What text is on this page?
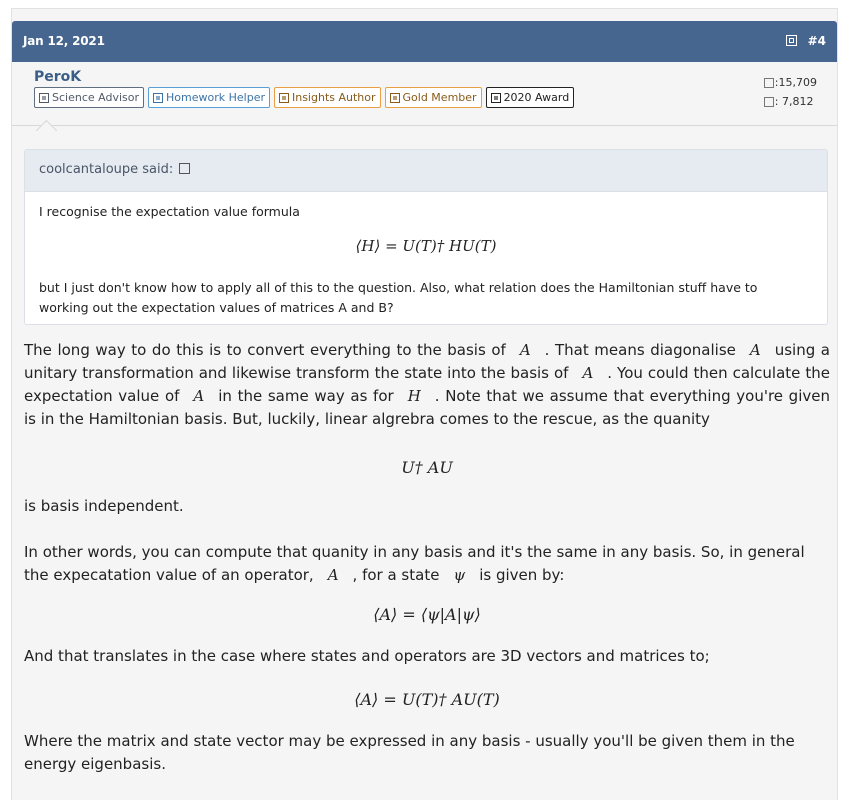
Jan 12, 2021	#4
PeroK
Science Advisor Homework Helper Insights Author Gold Member 2020 Award
:15,709
: 7,812
coolcantaloupe said:
I recognise the expectation value formula
⟨H⟩ = U(T)† HU(T)
but I just don't know how to apply all of this to the question. Also, what relation does the Hamiltonian stuff have to working out the expectation values of matrices A and B?
The long way to do this is to convert everything to the basis of A . That means diagonalise A using a unitary transformation and likewise transform the state into the basis of A . You could then calculate the expectation value of A in the same way as for H . Note that we assume that everything you're given is in the Hamiltonian basis. But, luckily, linear algrebra comes to the rescue, as the quanity
U† AU
is basis independent.
In other words, you can compute that quanity in any basis and it's the same in any basis. So, in general the expecatation value of an operator, A , for a state ψ is given by:
⟨A⟩ = ⟨ψ|A|ψ⟩
And that translates in the case where states and operators are 3D vectors and matrices to;
⟨A⟩ = U(T)† AU(T)
Where the matrix and state vector may be expressed in any basis - usually you'll be given them in the energy eigenbasis.
